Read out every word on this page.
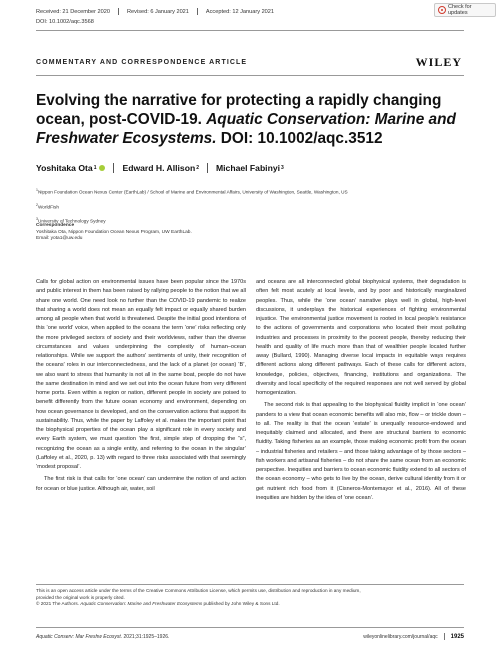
Check for updates
Received: 21 December 2020	Revised: 6 January 2021	Accepted: 12 January 2021
DOI: 10.1002/aqc.3568
COMMENTARY AND CORRESPONDENCE ARTICLE	WILEY
Evolving the narrative for protecting a rapidly changing ocean, post-COVID-19. Aquatic Conservation: Marine and Freshwater Ecosystems. DOI: 10.1002/aqc.3512
Yoshitaka Ota 1	Edward H. Allison 2 Michael Fabinyi 3
$^1$Nippon Foundation Ocean Nexus Center (EarthLab) / School of Marine and Environmental Affairs, University of Washington, Seattle, Washington, US
$^2$WorldFish
$^3$University of Technology Sydney
Correspondence
Yoshitaka Ota, Nippon Foundation Ocean Nexus Program, UW EarthLab.
Email: yota1@uw.edu

Calls for global action on environmental issues have been popular since the 1970s and public interest in them has been raised by rallying people to the notion that we all share one world. One need look no further than the COVID-19 pandemic to realize that sharing a world does not mean an equally felt impact or equally shared burden among all people when that world is threatened. Despite the initial good intentions of this ‘one world’ voice, when applied to the oceans the term ‘one’ risks reflecting only the more privileged sectors of society and their worldviews, rather than the diverse circumstances and values underpinning the complexity of human–ocean relationships. While we support the authors' sentiments of unity, their recognition of the oceans' roles in our interconnectedness, and the lack of a planet (or ocean) ‘B’, we also want to stress that humanity is not all in the same boat, people do not have the same destination in mind and we set out into the ocean future from very different home ports. Even within a region or nation, different people in society are poised to benefit differently from the future ocean economy and environment, depending on how ocean governance is developed, and on the conservation actions that support its sustainability. Thus, while the paper by Laffoley et al. makes the important point that the biophysical properties of the ocean play a significant role in every society and every Earth system, we must question ‘the first, simple step of dropping the “s”, recognizing the ocean as a single entity, and referring to the ocean in the singular’ (Laffoley et al., 2020, p. 13) with regard to three risks associated with that seemingly ‘modest proposal’.

The first risk is that calls for ‘one ocean’ can undermine the notion of and action for ocean or blue justice. Although air, water, soil

and oceans are all interconnected global biophysical systems, their degradation is often felt most acutely at local levels, and by poor and historically marginalized peoples. Thus, while the ‘one ocean’ narrative plays well in global, high-level discussions, it underplays the historical experiences of fighting environmental injustice. The environmental justice movement is rooted in local people's resistance to the actions of governments and corporations who located their most polluting industries and processes in proximity to the poorest people, thereby reducing their health and quality of life much more than that of wealthier people located further away (Bullard, 1990). Managing diverse local impacts in equitable ways requires different actions along different pathways. Each of these calls for different actors, knowledge, policies, objectives, financing, institutions and organizations. The diversity and local specificity of the required responses are not well served by global homogenization.

The second risk is that appealing to the biophysical fluidity implicit in ‘one ocean’ panders to a view that ocean economic benefits will also mix, flow – or trickle down – to all. The reality is that the ocean ‘estate’ is unequally resource-endowed and inequitably claimed and allocated, and there are structural barriers to economic fluidity. Taking fisheries as an example, those making economic profit from the ocean – industrial fisheries and retailers – and those taking advantage of by those sectors – fish workers and artisanal fisheries – do not share the same ocean from an economic perspective. Inequities and barriers to ocean economic fluidity extend to all sectors of the ocean economy – who gets to live by the ocean, derive cultural identity from it or get nutrient rich food from it (Cisneros-Montemayor et al., 2016). All of these inequities are hidden by the idea of ‘one ocean’.

This is an open access article under the terms of the Creative Commons Attribution License, which permits use, distribution and reproduction in any medium,
provided the original work is properly cited.
© 2021 The Authors. Aquatic Conservation: Marine and Freshwater Ecosystems published by John Wiley & Sons Ltd.
Aquatic Conserv: Mar Freshw Ecosyst. 2021;31:1925–1926.	wileyonlinelibrary.com/journal/aqc 1925
